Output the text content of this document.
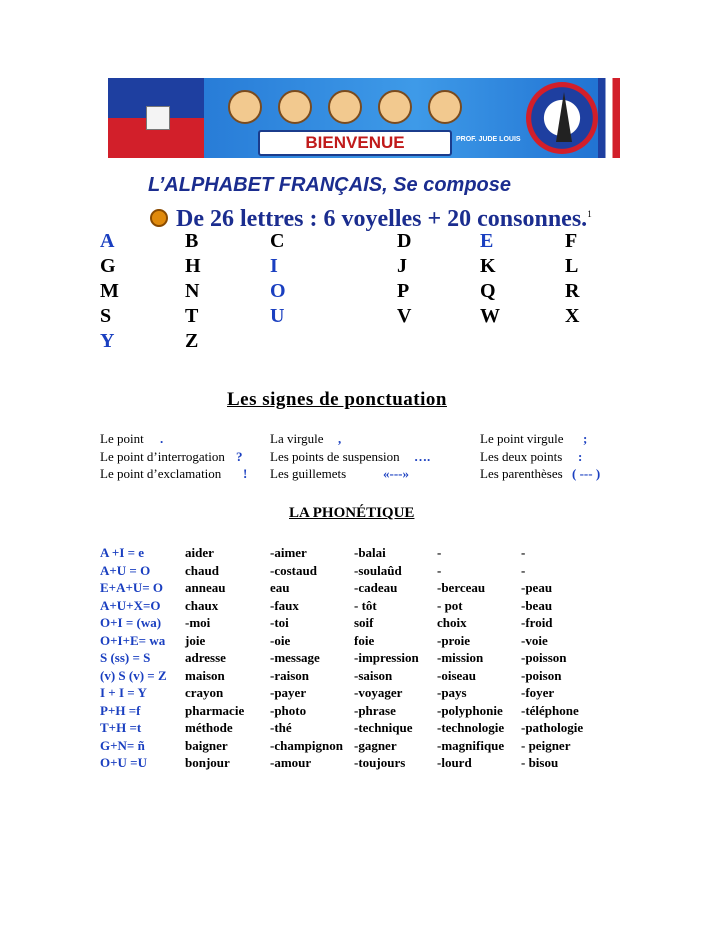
BIENVENUE	PROF. JUDE LOUIS
L’ALPHABET FRANÇAIS, Se compose
De 26 lettres : 6 voyelles + 20 consonnes.$^1$
A	B	C	D	E	F
G	H	I	J	K	L
M	N	O	P	Q	R
S	T	U	V	W	X
Y	Z
Les signes de ponctuation
Le point .	La virgule ,	Le point virgule ;
Le point d’interrogation ? Les points de suspension ….	Les deux points :
Le point d’exclamation ! Les guillemets	«---»	Les parenthèses ( --- )
LA PHONÉTIQUE
A +I = e	aider	-aimer	-balai	-	-
A+U = O	chaud	-costaud	-soulaûd	-	-
E+A+U= O anneau	eau	-cadeau	-berceau	-peau
A+U+X=O chaux	-faux	- tôt	- pot	-beau
O+I = (wa) -moi	-toi	soif	choix	-froid
O+I+E= wa joie	-oie	foie	-proie	-voie
S (ss) = S	adresse	-message	-impression -mission	-poisson
(v) S (v) = Z maison	-raison	-saison	-oiseau	-poison
I + I = Y	crayon	-payer	-voyager	-pays	-foyer
P+H =f	pharmacie -photo	-phrase	-polyphonie -téléphone
T+H =t	méthode	-thé	-technique -technologie -pathologie
G+N= ñ	baigner	-champignon -gagner	-magnifique - peigner
O+U =U	bonjour	-amour	-toujours -lourd	- bisou
